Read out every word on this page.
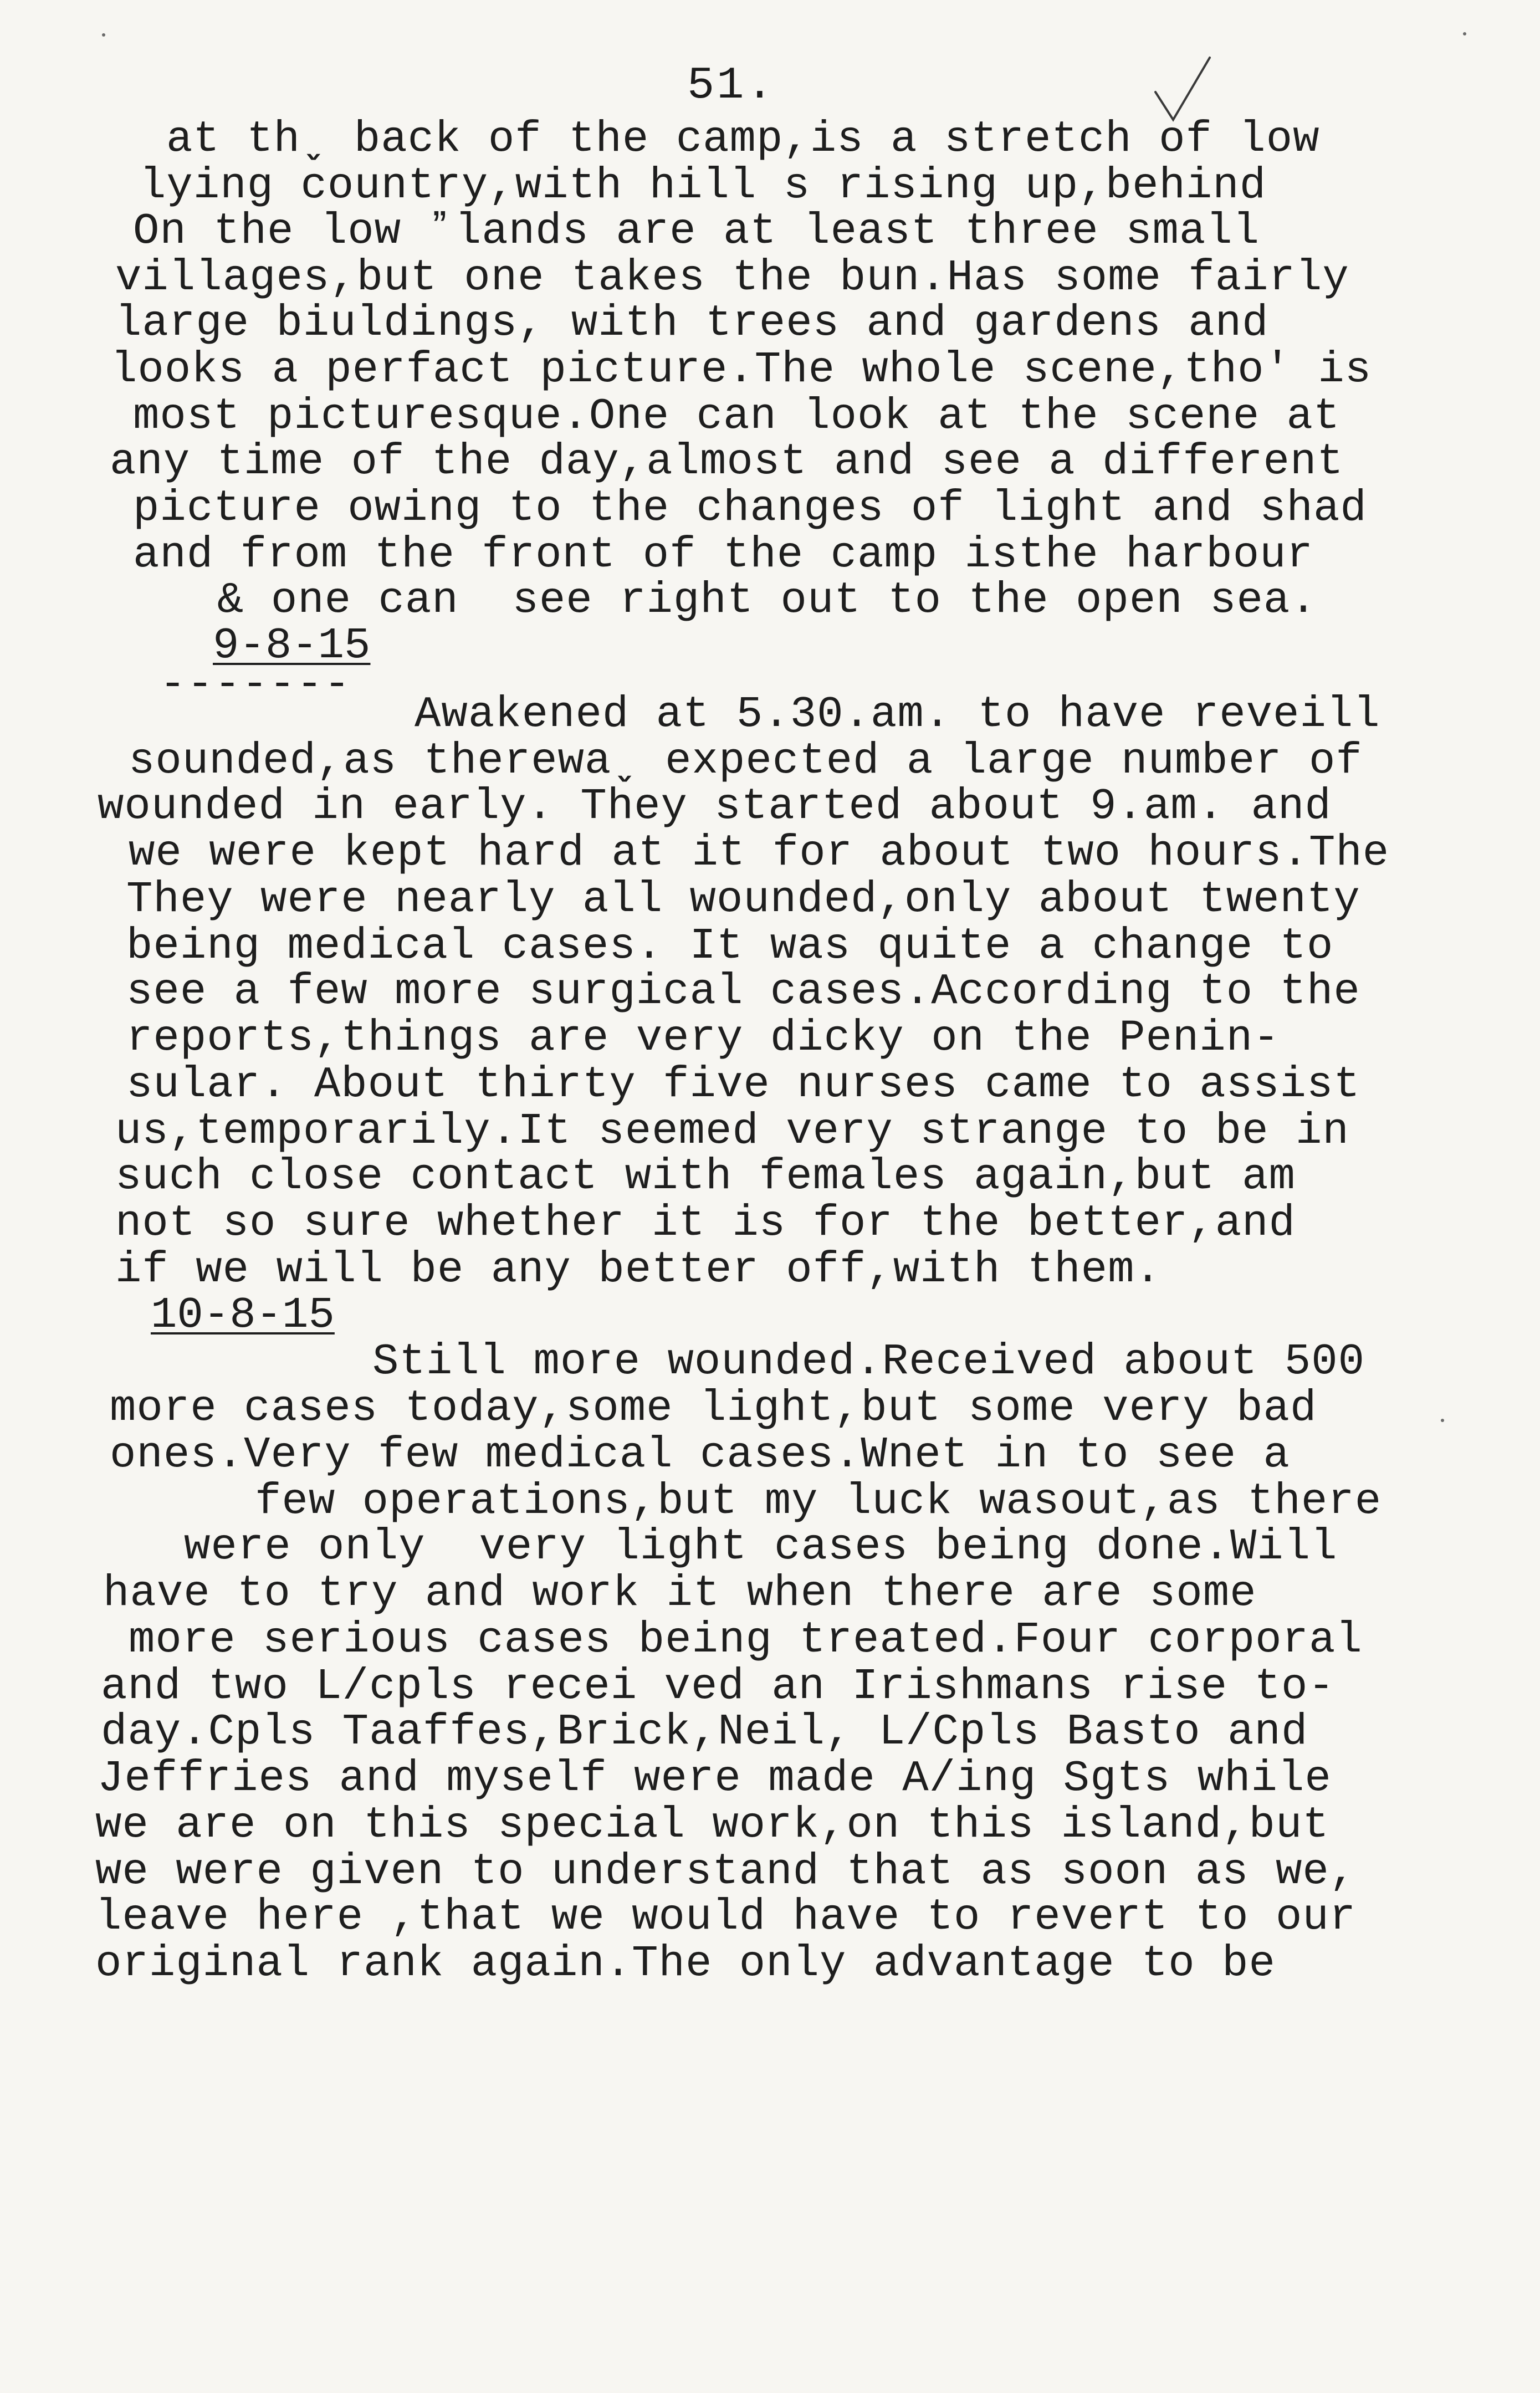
51.
at thˬ back of the camp,is a stretch of low
lying country,with hill s rising up,behind
On the low ˮlands are at least three small
villages,but one takes the bun.Has some fairly
large biuldings, with trees and gardens and
looks a perfact picture.The whole scene,tho' is
most picturesque.One can look at the scene at
any time of the day,almost and see a different
picture owing to the changes of light and shad
and from the front of the camp isthe harbour
& one can  see right out to the open sea.
9-8-15
-------
Awakened at 5.30.am. to have reveill
sounded,as therewaˬ expected a large number of
wounded in early. They started about 9.am. and
we were kept hard at it for about two hours.The
They were nearly all wounded,only about twenty
being medical cases. It was quite a change to
see a few more surgical cases.According to the
reports,things are very dicky on the Penin-
sular. About thirty five nurses came to assist
us,temporarily.It seemed very strange to be in
such close contact with females again,but am
not so sure whether it is for the better,and
if we will be any better off,with them.
10-8-15
Still more wounded.Received about 500
more cases today,some light,but some very bad
ones.Very few medical cases.Wnet in to see a
few operations,but my luck wasout,as there
were only  very light cases being done.Will
have to try and work it when there are some
more serious cases being treated.Four corporal
and two L/cpls recei ved an Irishmans rise to-
day.Cpls Taaffes,Brick,Neil, L/Cpls Basto and
Jeffries and myself were made A/ing Sgts while
we are on this special work,on this island,but
we were given to understand that as soon as we,
leave here ,that we would have to revert to our
original rank again.The only advantage to be
